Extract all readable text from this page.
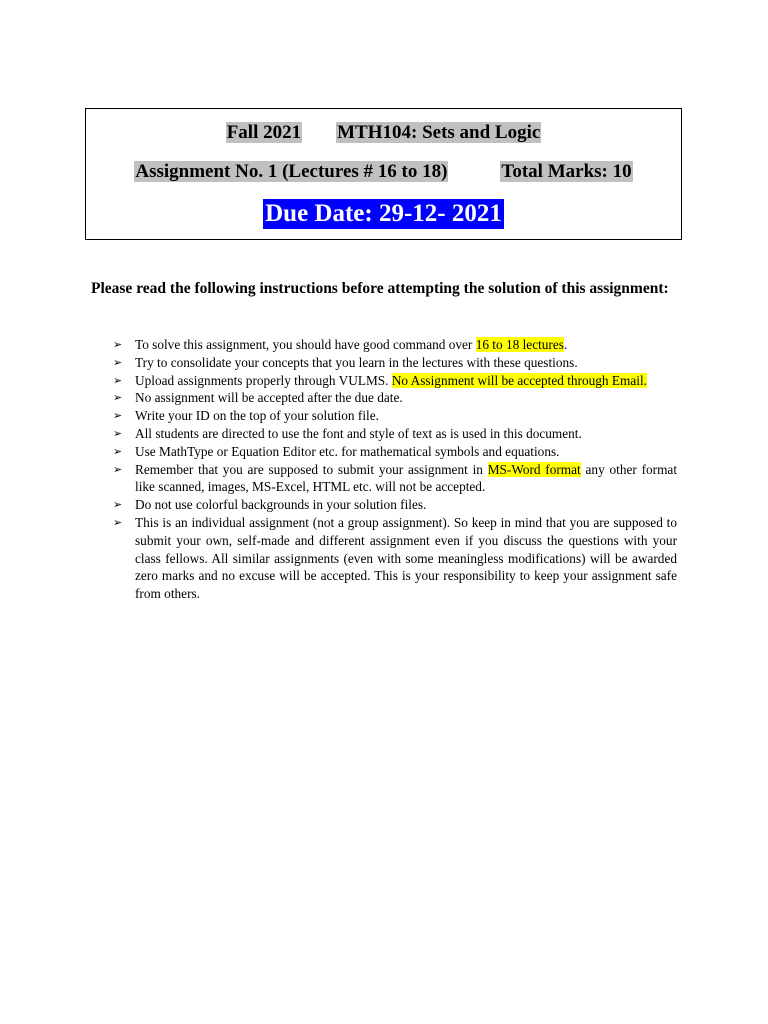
Fall 2021 MTH104: Sets and Logic
Assignment No. 1 (Lectures # 16 to 18)	Total Marks: 10
Due Date: 29-12- 2021
Please read the following instructions before attempting the solution of this assignment:
➢ To solve this assignment, you should have good command over 16 to 18 lectures.
➢ Try to consolidate your concepts that you learn in the lectures with these questions.
➢ Upload assignments properly through VULMS. No Assignment will be accepted through Email.
➢ No assignment will be accepted after the due date.
➢ Write your ID on the top of your solution file.
➢ All students are directed to use the font and style of text as is used in this document.
➢ Use MathType or Equation Editor etc. for mathematical symbols and equations.
➢ Remember that you are supposed to submit your assignment in MS-Word format any other format like scanned, images, MS-Excel, HTML etc. will not be accepted.
➢ Do not use colorful backgrounds in your solution files.
➢ This is an individual assignment (not a group assignment). So keep in mind that you are supposed to submit your own, self-made and different assignment even if you discuss the questions with your class fellows. All similar assignments (even with some meaningless modifications) will be awarded zero marks and no excuse will be accepted. This is your responsibility to keep your assignment safe from others.
